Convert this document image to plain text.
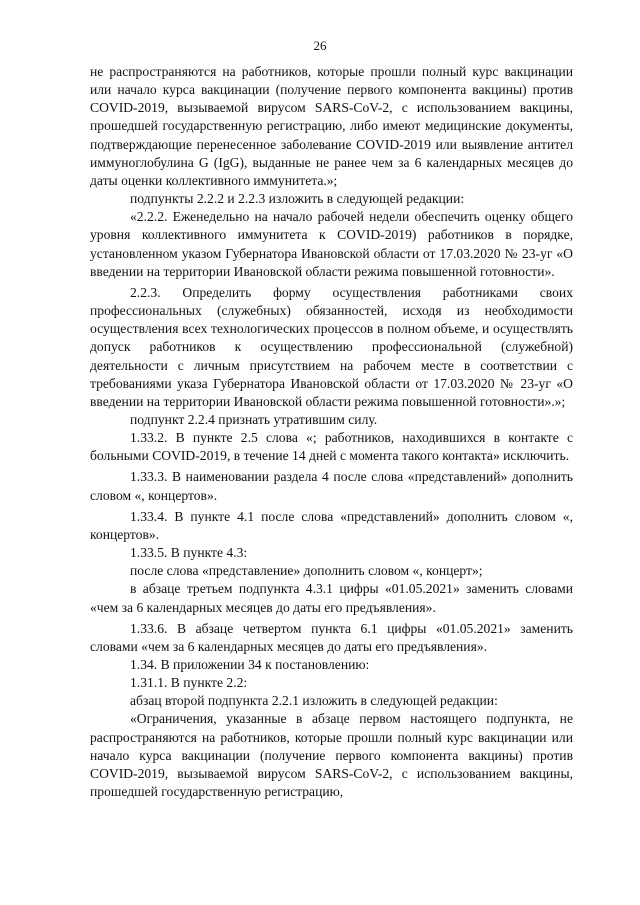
26

не распространяются на работников, которые прошли полный курс вакцинации или начало курса вакцинации (получение первого компонента вакцины) против COVID-2019, вызываемой вирусом SARS-CoV-2, с использованием вакцины, прошедшей государственную регистрацию, либо имеют медицинские документы, подтверждающие перенесенное заболевание COVID-2019 или выявление антител иммуноглобулина G (IgG), выданные не ранее чем за 6 календарных месяцев до даты оценки коллективного иммунитета.»;

подпункты 2.2.2 и 2.2.3 изложить в следующей редакции:

«2.2.2. Еженедельно на начало рабочей недели обеспечить оценку общего уровня коллективного иммунитета к COVID-2019) работников в порядке, установленном указом Губернатора Ивановской области от 17.03.2020 № 23-уг «О введении на территории Ивановской области режима повышенной готовности».

2.2.3. Определить форму осуществления работниками своих профессиональных (служебных) обязанностей, исходя из необходимости осуществления всех технологических процессов в полном объеме, и осуществлять допуск работников к осуществлению профессиональной (служебной) деятельности с личным присутствием на рабочем месте в соответствии с требованиями указа Губернатора Ивановской области от 17.03.2020 № 23-уг «О введении на территории Ивановской области режима повышенной готовности».»;

подпункт 2.2.4 признать утратившим силу.

1.33.2. В пункте 2.5 слова «; работников, находившихся в контакте с больными COVID-2019, в течение 14 дней с момента такого контакта» исключить.

1.33.3. В наименовании раздела 4 после слова «представлений» дополнить словом «, концертов».

1.33.4. В пункте 4.1 после слова «представлений» дополнить словом «, концертов».

1.33.5. В пункте 4.3:

после слова «представление» дополнить словом «, концерт»;

в абзаце третьем подпункта 4.3.1 цифры «01.05.2021» заменить словами «чем за 6 календарных месяцев до даты его предъявления».

1.33.6. В абзаце четвертом пункта 6.1 цифры «01.05.2021» заменить словами «чем за 6 календарных месяцев до даты его предъявления».

1.34. В приложении 34 к постановлению:

1.31.1. В пункте 2.2:

абзац второй подпункта 2.2.1 изложить в следующей редакции:

«Ограничения, указанные в абзаце первом настоящего подпункта, не распространяются на работников, которые прошли полный курс вакцинации или начало курса вакцинации (получение первого компонента вакцины) против COVID-2019, вызываемой вирусом SARS-CoV-2, с использованием вакцины, прошедшей государственную регистрацию,
